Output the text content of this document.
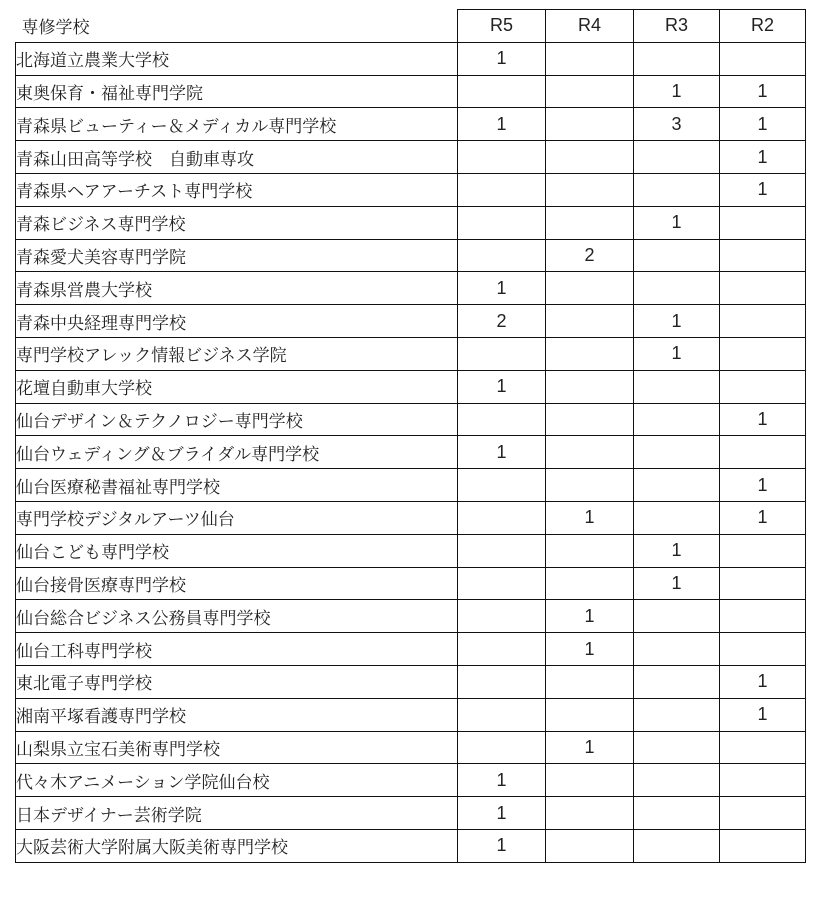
専修学校	R5	R4	R3	R2
北海道立農業大学校	1			
東奥保育・福祉専門学院			1	1
青森県ビューティー＆メディカル専門学校	1		3	1
青森山田高等学校　自動車専攻				1
青森県ヘアアーチスト専門学校				1
青森ビジネス専門学校			1	
青森愛犬美容専門学院		2		
青森県営農大学校	1			
青森中央経理専門学校	2		1	
専門学校アレック情報ビジネス学院			1	
花壇自動車大学校	1			
仙台デザイン＆テクノロジー専門学校				1
仙台ウェディング＆ブライダル専門学校	1			
仙台医療秘書福祉専門学校				1
専門学校デジタルアーツ仙台		1		1
仙台こども専門学校			1	
仙台接骨医療専門学校			1	
仙台総合ビジネス公務員専門学校		1		
仙台工科専門学校		1		
東北電子専門学校				1
湘南平塚看護専門学校				1
山梨県立宝石美術専門学校		1		
代々木アニメーション学院仙台校	1			
日本デザイナー芸術学院	1			
大阪芸術大学附属大阪美術専門学校	1			
